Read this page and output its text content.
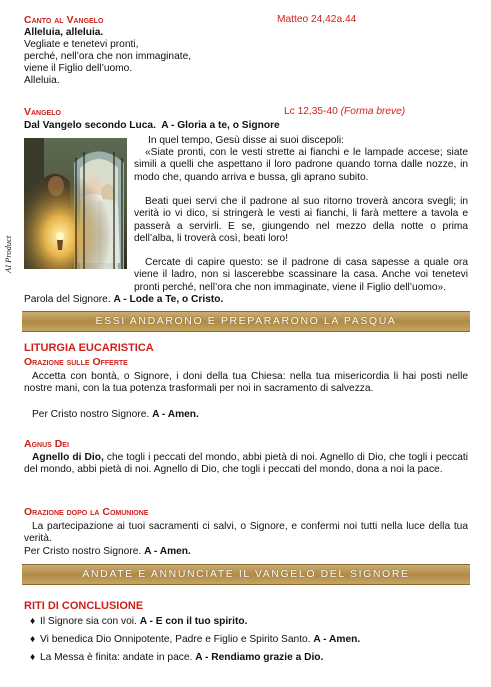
Canto al Vangelo	Matteo 24,42a.44
Alleluia, alleluia.
Vegliate e tenetevi pronti,
perché, nell’ora che non immaginate,
viene il Figlio dell’uomo.
Alleluia.
Vangelo	Lc 12,35-40 (Forma breve)
Dal Vangelo secondo Luca. A - Gloria a te, o Signore
AI Product
In quel tempo, Gesù disse ai suoi discepoli:
«Siate pronti, con le vesti strette ai fianchi e le lampade accese; siate simili a quelli che aspettano il loro padrone quando torna dalle nozze, in modo che, quando arriva e bussa, gli aprano subito.
Beati quei servi che il padrone al suo ritorno troverà ancora svegli; in verità io vi dico, si stringerà le vesti ai fianchi, li farà mettere a tavola e passerà a servirli. E se, giungendo nel mezzo della notte o prima dell’alba, li troverà così, beati loro!
Cercate di capire questo: se il padrone di casa sapesse a quale ora viene il ladro, non si lascerebbe scassinare la casa. Anche voi tenetevi pronti perché, nell’ora che non immaginate, viene il Figlio dell’uomo».
Parola del Signore. A - Lode a Te, o Cristo.
ESSI ANDARONO E PREPARARONO LA PASQUA
LITURGIA EUCARISTICA
Orazione sulle Offerte
Accetta con bontà, o Signore, i doni della tua Chiesa: nella tua misericordia li hai posti nelle nostre mani, con la tua potenza trasformali per noi in sacramento di salvezza.
Per Cristo nostro Signore. A - Amen.
Agnus Dei
Agnello di Dio, che togli i peccati del mondo, abbi pietà di noi. Agnello di Dio, che togli i peccati del mondo, abbi pietà di noi. Agnello di Dio, che togli i peccati del mondo, dona a noi la pace.
Orazione dopo la Comunione
La partecipazione ai tuoi sacramenti ci salvi, o Signore, e confermi noi tutti nella luce della tua verità.
Per Cristo nostro Signore. A - Amen.
ANDATE E ANNUNCIATE IL VANGELO DEL SIGNORE
RITI DI CONCLUSIONE
♦ Il Signore sia con voi. A - E con il tuo spirito.
♦ Vi benedica Dio Onnipotente, Padre e Figlio e Spirito Santo. A - Amen.
♦ La Messa è finita: andate in pace. A - Rendiamo grazie a Dio.
